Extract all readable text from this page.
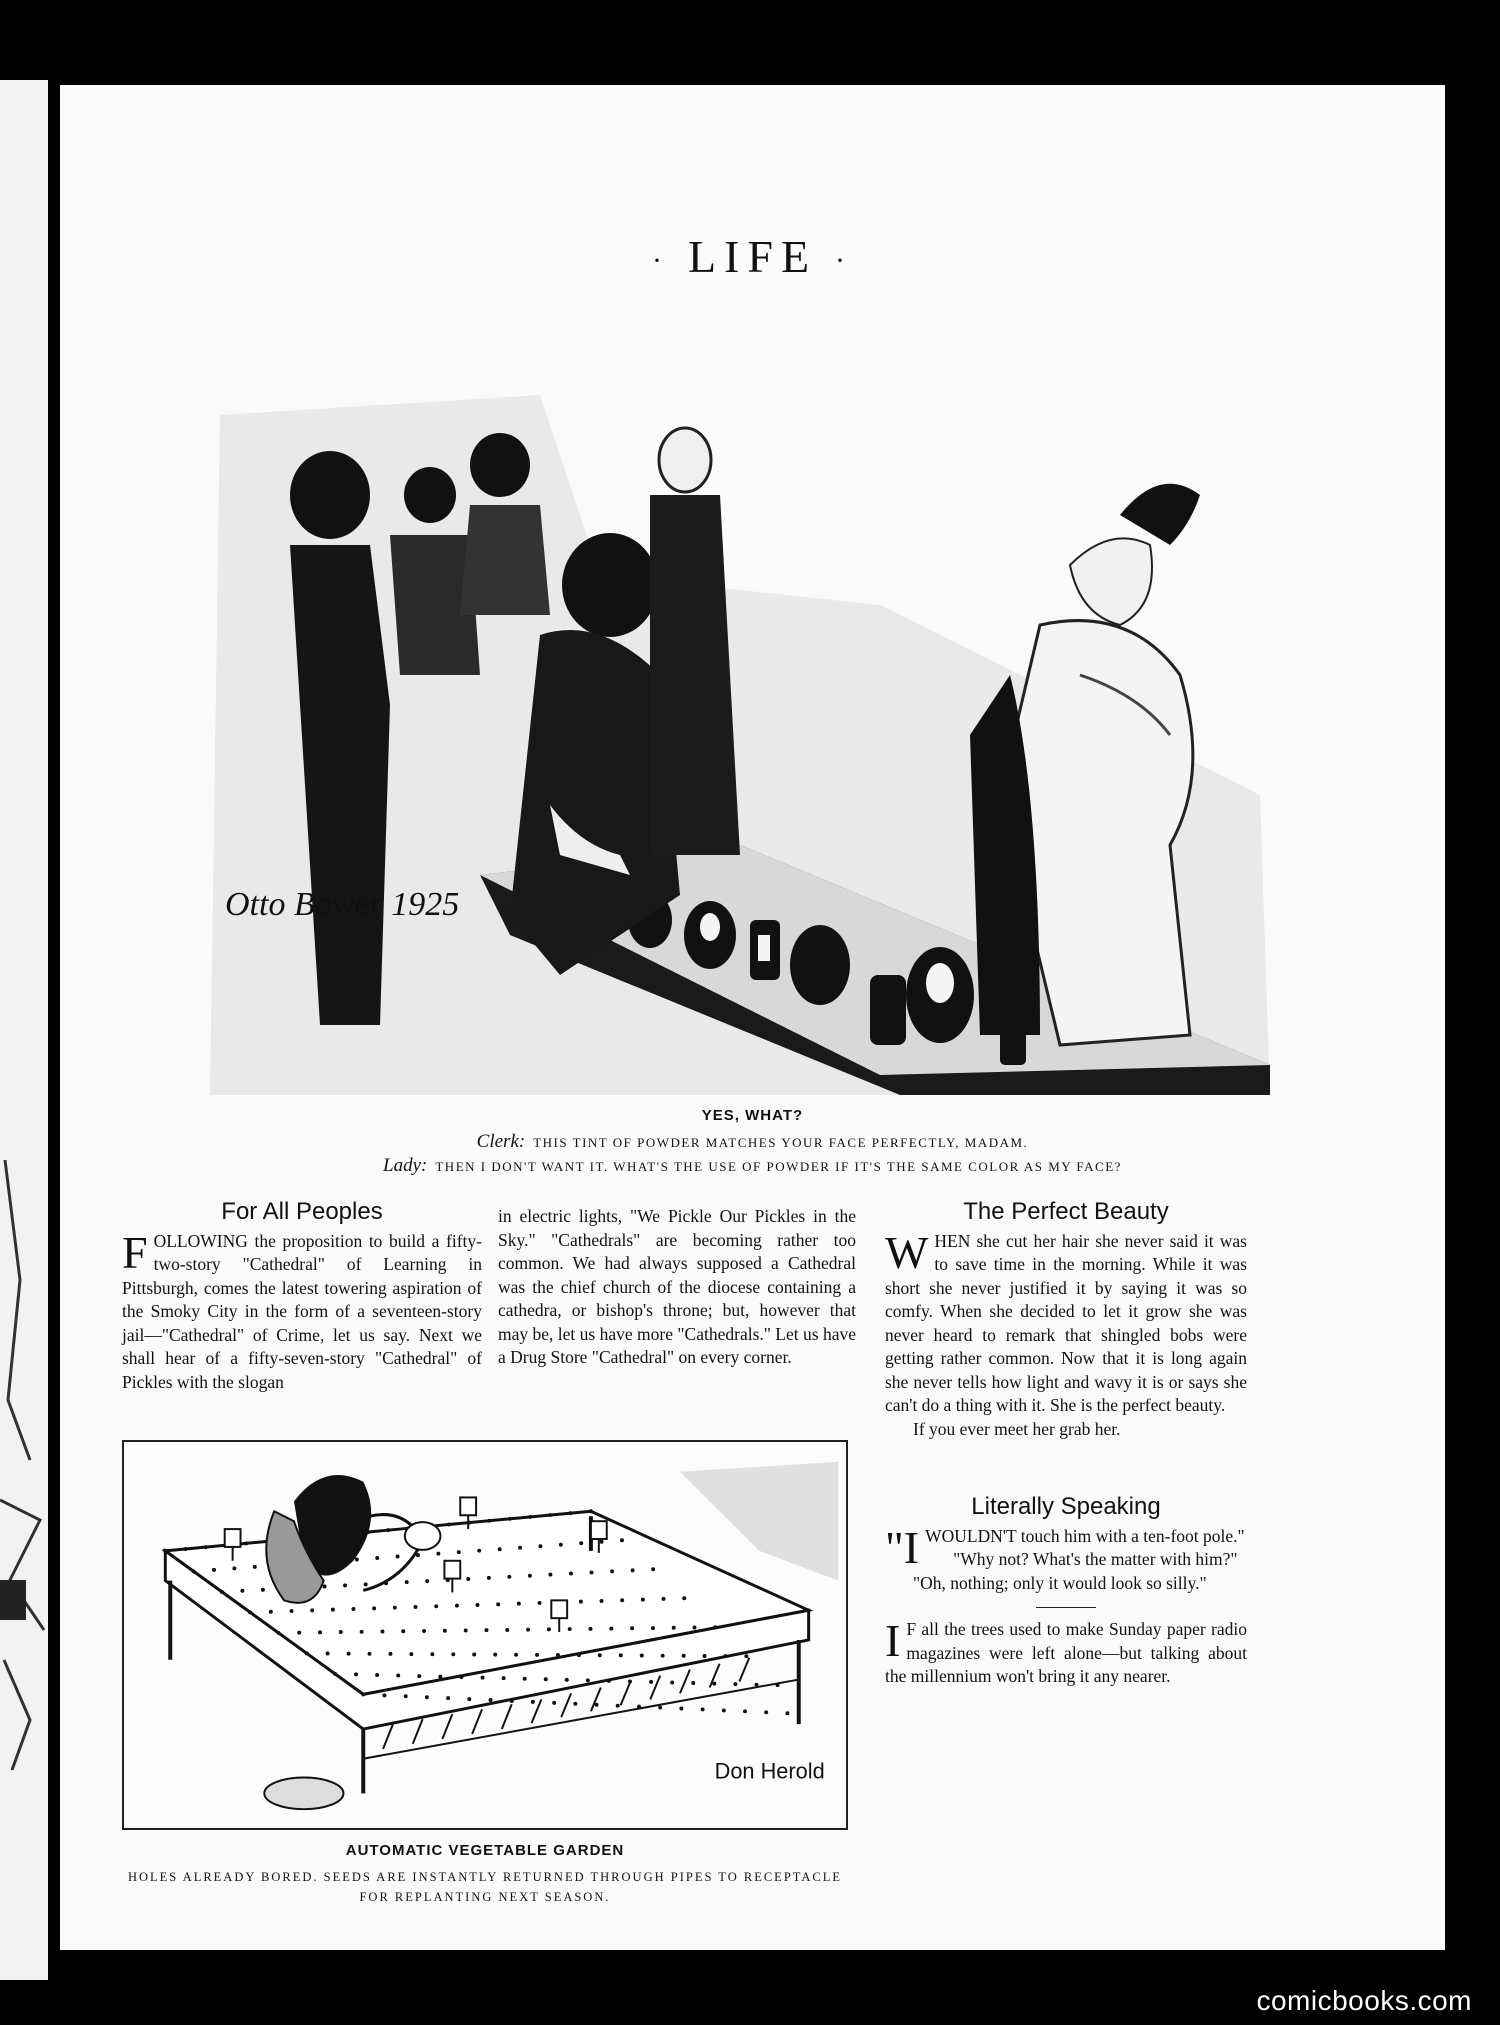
· LIFE ·
Otto Bower 1925
YES, WHAT?
Clerk: THIS TINT OF POWDER MATCHES YOUR FACE PERFECTLY, MADAM.
Lady: THEN I DON'T WANT IT. WHAT'S THE USE OF POWDER IF IT'S THE SAME COLOR AS MY FACE?
For All Peoples

FOLLOWING the proposition to build a fifty-two-story "Cathedral" of Learning in Pittsburgh, comes the latest towering aspiration of the Smoky City in the form of a seventeen-story jail—"Cathedral" of Crime, let us say. Next we shall hear of a fifty-seven-story "Cathedral" of Pickles with the slogan

in electric lights, "We Pickle Our Pickles in the Sky." "Cathedrals" are becoming rather too common. We had always supposed a Cathedral was the chief church of the diocese containing a cathedra, or bishop's throne; but, however that may be, let us have more "Cathedrals." Let us have a Drug Store "Cathedral" on every corner.

Don Herold
AUTOMATIC VEGETABLE GARDEN
HOLES ALREADY BORED. SEEDS ARE INSTANTLY RETURNED THROUGH PIPES TO RECEPTACLE FOR REPLANTING NEXT SEASON.
The Perfect Beauty

WHEN she cut her hair she never said it was to save time in the morning. While it was short she never justified it by saying it was so comfy. When she decided to let it grow she was never heard to remark that shingled bobs were getting rather common. Now that it is long again she never tells how light and wavy it is or says she can't do a thing with it. She is the perfect beauty.

If you ever meet her grab her.

Literally Speaking

"IWOULDN'T touch him with a ten-foot pole."

"Why not? What's the matter with him?"

"Oh, nothing; only it would look so silly."

I F all the trees used to make Sunday paper radio magazines were left alone—but talking about the millennium won't bring it any nearer.

comicbooks.com
